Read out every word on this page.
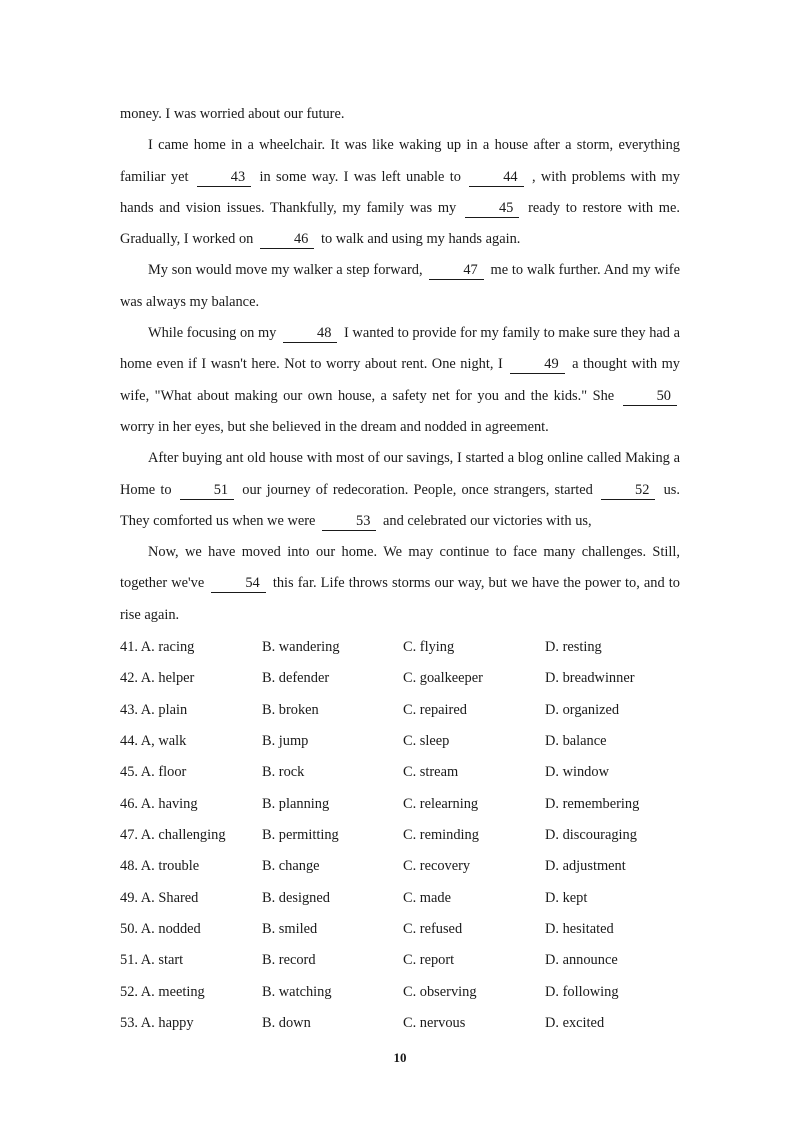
money. I was worried about our future.

I came home in a wheelchair. It was like waking up in a house after a storm, everything familiar yet	43 in some way. I was left unable to	44 , with problems with my hands and vision issues. Thankfully, my family was my	45 ready to restore with me. Gradually, I worked on	46 to walk and using my hands again.

My son would move my walker a step forward,	47 me to walk further. And my wife was always my balance.

While focusing on my	48 I wanted to provide for my family to make sure they had a home even if I wasn't here. Not to worry about rent. One night, I	49 a thought with my wife, "What about making our own house, a safety net for you and the kids." She	50 worry in her eyes, but she believed in the dream and nodded in agreement.

After buying ant old house with most of our savings, I started a blog online called Making a Home to	51 our journey of redecoration. People, once strangers, started	52 us. They comforted us when we were	53 and celebrated our victories with us,

Now, we have moved into our home. We may continue to face many challenges. Still, together we've	54 this far. Life throws storms our way, but we have the power to, and to rise again.

41. A. racing	B. wandering	C. flying	D. resting
42. A. helper	B. defender	C. goalkeeper	D. breadwinner
43. A. plain	B. broken	C. repaired	D. organized
44. A, walk	B. jump	C. sleep	D. balance
45. A. floor	B. rock	C. stream	D. window
46. A. having	B. planning	C. relearning	D. remembering
47. A. challenging	B. permitting	C. reminding	D. discouraging
48. A. trouble	B. change	C. recovery	D. adjustment
49. A. Shared	B. designed	C. made	D. kept
50. A. nodded	B. smiled	C. refused	D. hesitated
51. A. start	B. record	C. report	D. announce
52. A. meeting	B. watching	C. observing	D. following
53. A. happy	B. down	C. nervous	D. excited
10
